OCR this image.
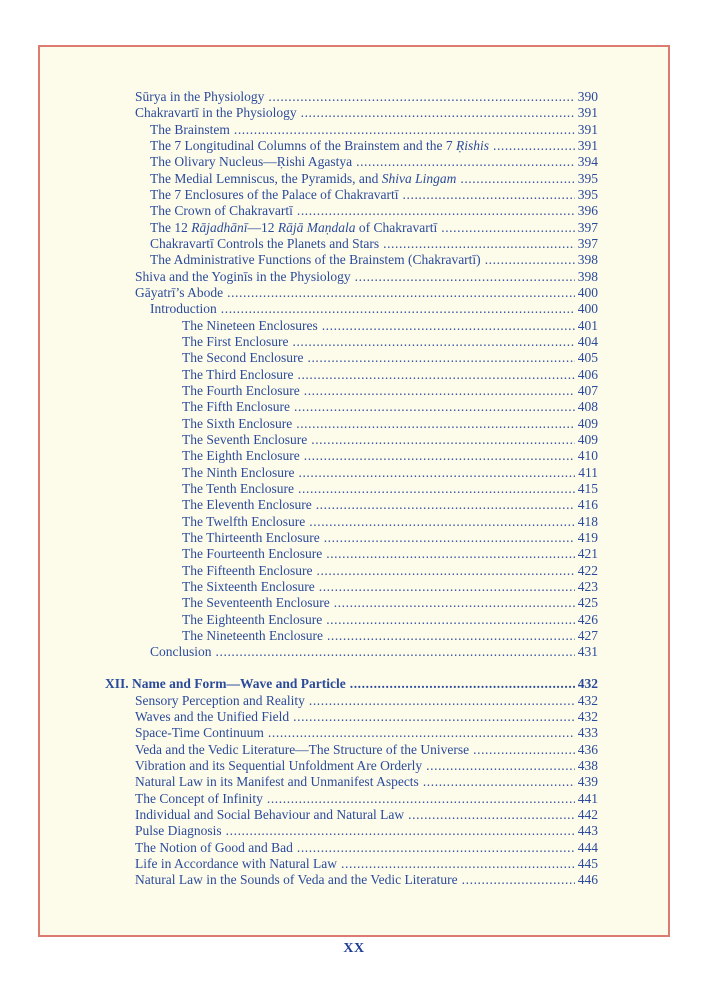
Sūrya in the Physiology .....	390
Chakravartī in the Physiology .....	391
The Brainstem .....	391
The 7 Longitudinal Columns of the Brainstem and the 7 Ṛishis .....	391
The Olivary Nucleus—Ṛishi Agastya .....	394
The Medial Lemniscus, the Pyramids, and Shiva Lingam .....	395
The 7 Enclosures of the Palace of Chakravartī .....	395
The Crown of Chakravartī .....	396
The 12 Rājadhānī—12 Rājā Maṇdala of Chakravartī .....	397
Chakravartī Controls the Planets and Stars .....	397
The Administrative Functions of the Brainstem (Chakravartī) .....	398
Shiva and the Yoginīs in the Physiology .....	398
Gāyatrī’s Abode .....	400
Introduction .....	400
The Nineteen Enclosures .....	401
The First Enclosure .....	404
The Second Enclosure .....	405
The Third Enclosure .....	406
The Fourth Enclosure .....	407
The Fifth Enclosure .....	408
The Sixth Enclosure .....	409
The Seventh Enclosure .....	409
The Eighth Enclosure .....	410
The Ninth Enclosure .....	411
The Tenth Enclosure .....	415
The Eleventh Enclosure .....	416
The Twelfth Enclosure .....	418
The Thirteenth Enclosure .....	419
The Fourteenth Enclosure .....	421
The Fifteenth Enclosure .....	422
The Sixteenth Enclosure .....	423
The Seventeenth Enclosure .....	425
The Eighteenth Enclosure .....	426
The Nineteenth Enclosure .....	427
Conclusion .....	431
XII. Name and Form—Wave and Particle .....	432
Sensory Perception and Reality .....	432
Waves and the Unified Field .....	432
Space-Time Continuum .....	433
Veda and the Vedic Literature—The Structure of the Universe .....	436
Vibration and its Sequential Unfoldment Are Orderly .....	438
Natural Law in its Manifest and Unmanifest Aspects .....	439
The Concept of Infinity .....	441
Individual and Social Behaviour and Natural Law .....	442
Pulse Diagnosis .....	443
The Notion of Good and Bad .....	444
Life in Accordance with Natural Law .....	445
Natural Law in the Sounds of Veda and the Vedic Literature .....	446
XX
